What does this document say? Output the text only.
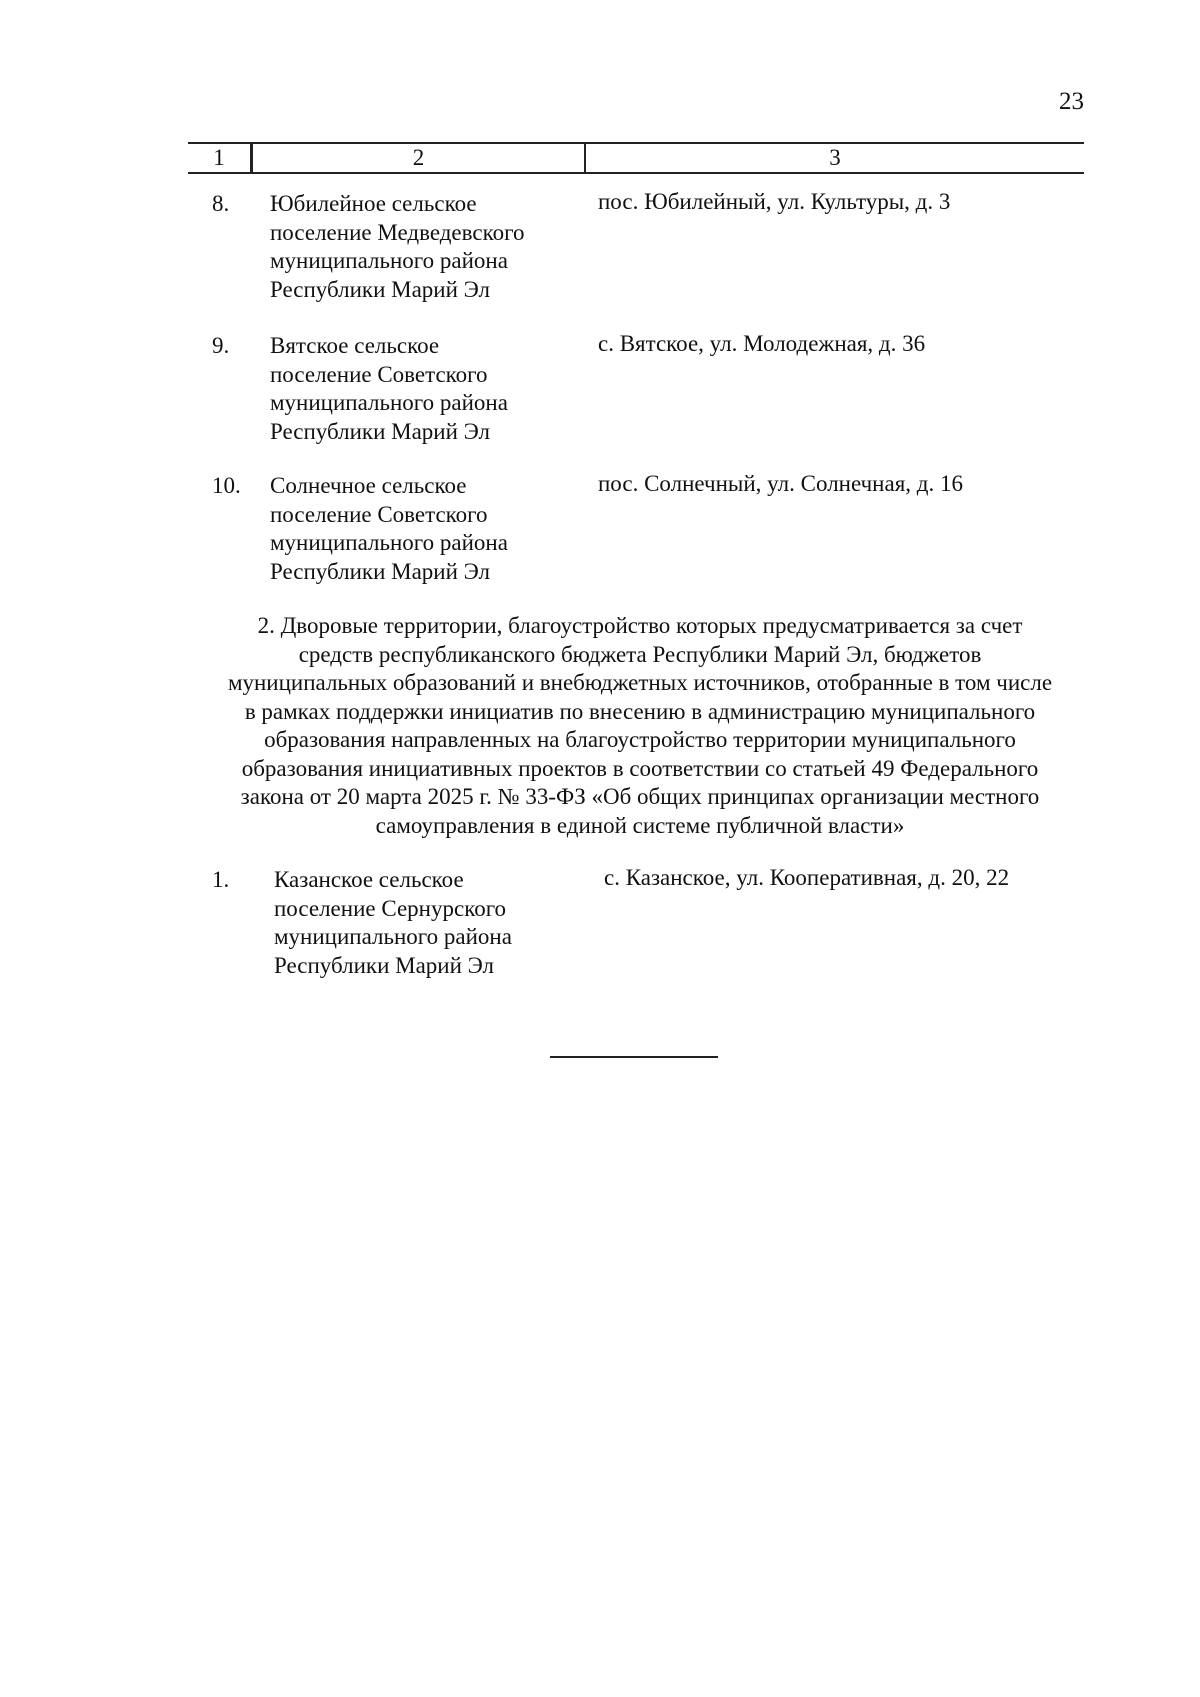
23
1	2	3
8. Юбилейное сельское
поселение Медведевского
муниципального района
Республики Марий Эл
пос. Юбилейный, ул. Культуры, д. 3
9. Вятское сельское
поселение Советского
муниципального района
Республики Марий Эл
с. Вятское, ул. Молодежная, д. 36
10. Солнечное сельское
поселение Советского
муниципального района
Республики Марий Эл
пос. Солнечный, ул. Солнечная, д. 16
2. Дворовые территории, благоустройство которых предусматривается за счет
средств республиканского бюджета Республики Марий Эл, бюджетов
муниципальных образований и внебюджетных источников, отобранные в том числе
в рамках поддержки инициатив по внесению в администрацию муниципального
образования направленных на благоустройство территории муниципального
образования инициативных проектов в соответствии со статьей 49 Федерального
закона от 20 марта 2025 г. № 33-ФЗ «Об общих принципах организации местного
самоуправления в единой системе публичной власти»
1. Казанское сельское
поселение Сернурского
муниципального района
Республики Марий Эл
с. Казанское, ул. Кооперативная, д. 20, 22
